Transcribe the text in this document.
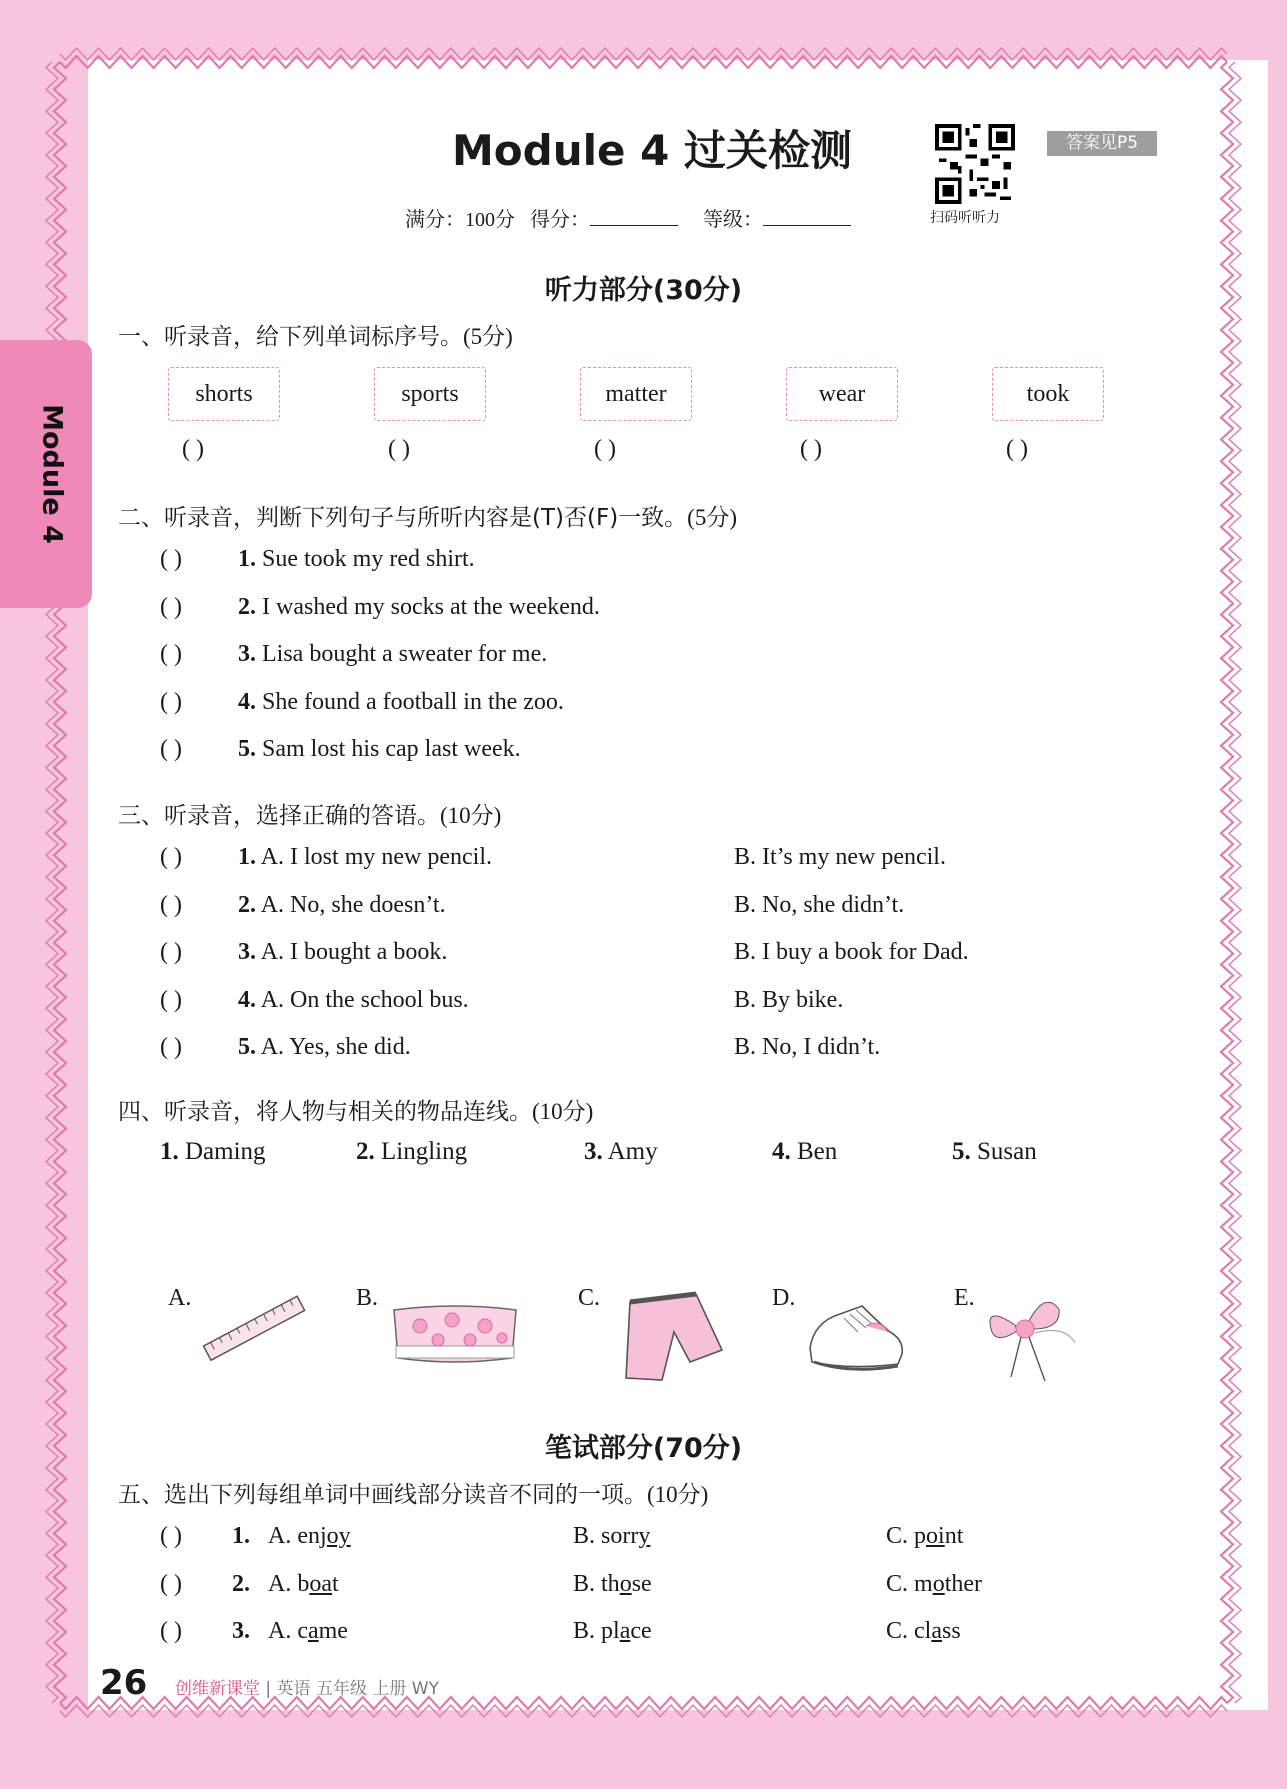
Module 4
Module 4 过关检测
扫码听听力
答案见P5
满分：100分 得分：	等级：
听力部分(30分)
一、听录音，给下列单词标序号。(5分)
shorts
( )
sports
( )
matter
( )
wear
( )
took
( )
二、听录音，判断下列句子与所听内容是(T)否(F)一致。(5分)
( ) 1. Sue took my red shirt.
( ) 2. I washed my socks at the weekend.
( ) 3. Lisa bought a sweater for me.
( ) 4. She found a football in the zoo.
( ) 5. Sam lost his cap last week.
三、听录音，选择正确的答语。(10分)
( ) 1. A. I lost my new pencil.	B. It’s my new pencil.
( ) 2. A. No, she doesn’t.	B. No, she didn’t.
( ) 3. A. I bought a book.	B. I buy a book for Dad.
( ) 4. A. On the school bus.	B. By bike.
( ) 5. A. Yes, she did.	B. No, I didn’t.
四、听录音，将人物与相关的物品连线。(10分)
1. Daming	2. Lingling	3. Amy	4. Ben	5. Susan
A.	B.	C.	D.	E.
笔试部分(70分)
五、选出下列每组单词中画线部分读音不同的一项。(10分)
( ) 1. A. enjoy	B. sorry	C. point
( ) 2. A. boat	B. those	C. mother
( ) 3. A. came	B. place	C. class
26 创维新课堂 | 英语 五年级 上册 WY
